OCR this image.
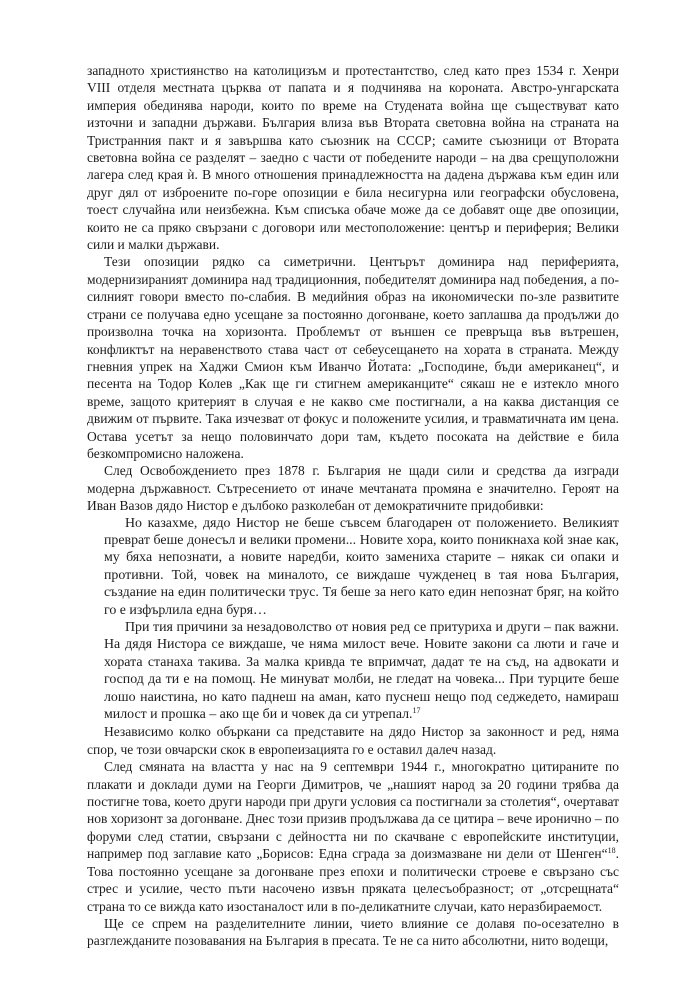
западното християнство на католицизъм и протестантство, след като през 1534 г. Хенри VIII отделя местната църква от папата и я подчинява на короната. Австро-унгарската империя обединява народи, които по време на Студената война ще съществуват като източни и западни държави. България влиза във Втората световна война на страната на Тристранния пакт и я завършва като съюзник на СССР; самите съюзници от Втората световна война се разделят – заедно с части от победените народи – на два срещуположни лагера след края ѝ. В много отношения принадлежността на дадена държава към един или друг дял от изброените по-горе опозиции е била несигурна или географски обусловена, тоест случайна или неизбежна. Към списъка обаче може да се добавят още две опозиции, които не са пряко свързани с договори или местоположение: център и периферия; Велики сили и малки държави.

Тези опозиции рядко са симетрични. Центърът доминира над периферията, модернизираният доминира над традиционния, победителят доминира над победения, а по-силният говори вместо по-слабия. В медийния образ на икономически по-зле развитите страни се получава едно усещане за постоянно догонване, което заплашва да продължи до произволна точка на хоризонта. Проблемът от външен се превръща във вътрешен, конфликтът на неравенството става част от себеусещането на хората в страната. Между гневния упрек на Хаджи Смион към Иванчо Йотата: „Господине, бъди американец“, и песента на Тодор Колев „Как ще ги стигнем американците“ сякаш не е изтекло много време, защото критерият в случая е не какво сме постигнали, а на каква дистанция се движим от първите. Така изчезват от фокус и положените усилия, и травматичната им цена. Остава усетът за нещо половинчато дори там, където посоката на действие е била безкомпромисно наложена.

След Освобождението през 1878 г. България не щади сили и средства да изгради модерна държавност. Сътресението от иначе мечтаната промяна е значително. Героят на Иван Вазов дядо Нистор е дълбоко разколебан от демократичните придобивки:

Но казахме, дядо Нистор не беше съвсем благодарен от положението. Великият преврат беше донесъл и велики промени... Новите хора, които поникнаха кой знае как, му бяха непознати, а новите наредби, които замениха старите – някак си опаки и противни. Той, човек на миналото, се виждаше чужденец в тая нова България, създание на един политически трус. Тя беше за него като един непознат бряг, на който го е изфърлила една буря…

При тия причини за незадоволство от новия ред се притуриха и други – пак важни. На дядя Нистора се виждаше, че няма милост вече. Новите закони са люти и гаче и хората станаха такива. За малка кривда те впримчат, дадат те на съд, на адвокати и господ да ти е на помощ. Не минуват молби, не гледат на човека... При турците беше лошо наистина, но като паднеш на аман, като пуснеш нещо под седжедето, намираш милост и прошка – ако ще би и човек да си утрепал.$^{17}$

Независимо колко объркани са представите на дядо Нистор за законност и ред, няма спор, че този овчарски скок в европеизацията го е оставил далеч назад.

След смяната на властта у нас на 9 септември 1944 г., многократно цитираните по плакати и доклади думи на Георги Димитров, че „нашият народ за 20 години трябва да постигне това, което други народи при други условия са постигнали за столетия“, очертават нов хоризонт за догонване. Днес този призив продължава да се цитира – вече иронично – по форуми след статии, свързани с дейността ни по скачване с европейските институции, например под заглавие като „Борисов: Една сграда за доизмазване ни дели от Шенген“$^{18}$. Това постоянно усещане за догонване през епохи и политически строеве е свързано със стрес и усилие, често пъти насочено извън пряката целесъобразност; от „отсрещната“ страна то се вижда като изостаналост или в по-деликатните случаи, като неразбираемост.

Ще се спрем на разделителните линии, чието влияние се долавя по-осезателно в разглежданите позовавания на България в пресата. Те не са нито абсолютни, нито водещи,
